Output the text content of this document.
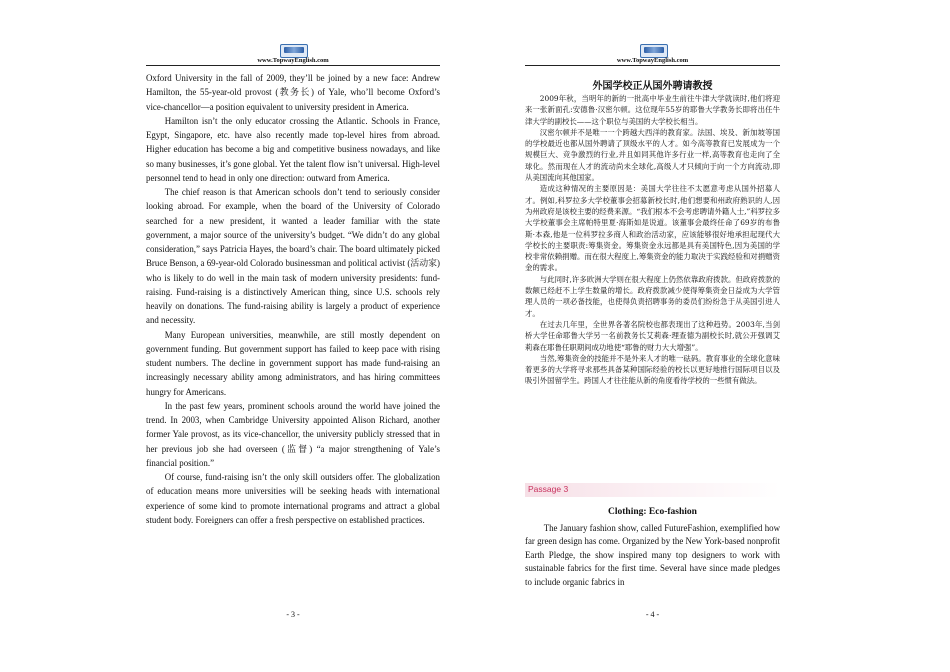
www.TopwayEnglish.com

Oxford University in the fall of 2009, they’ll be joined by a new face: Andrew Hamilton, the 55-year-old provost (教务长) of Yale, who’ll become Oxford’s vice-chancellor—a position equivalent to university president in America.

Hamilton isn’t the only educator crossing the Atlantic. Schools in France, Egypt, Singapore, etc. have also recently made top-level hires from abroad. Higher education has become a big and competitive business nowadays, and like so many businesses, it’s gone global. Yet the talent flow isn’t universal. High-level personnel tend to head in only one direction: outward from America.

The chief reason is that American schools don’t tend to seriously consider looking abroad. For example, when the board of the University of Colorado searched for a new president, it wanted a leader familiar with the state government, a major source of the university’s budget. “We didn’t do any global consideration,” says Patricia Hayes, the board’s chair. The board ultimately picked Bruce Benson, a 69-year-old Colorado businessman and political activist (活动家) who is likely to do well in the main task of modern university presidents: fund-raising. Fund-raising is a distinctively American thing, since U.S. schools rely heavily on donations. The fund-raising ability is largely a product of experience and necessity.

Many European universities, meanwhile, are still mostly dependent on government funding. But government support has failed to keep pace with rising student numbers. The decline in government support has made fund-raising an increasingly necessary ability among administrators, and has hiring committees hungry for Americans.

In the past few years, prominent schools around the world have joined the trend. In 2003, when Cambridge University appointed Alison Richard, another former Yale provost, as its vice-chancellor, the university publicly stressed that in her previous job she had overseen (监督) “a major strengthening of Yale’s financial position.”

Of course, fund-raising isn’t the only skill outsiders offer. The globalization of education means more universities will be seeking heads with international experience of some kind to promote international programs and attract a global student body. Foreigners can offer a fresh perspective on established practices.

- 3 -
www.TopwayEnglish.com
外国学校正从国外聘请教授

2009年秋，当明年的新的一批高中毕业生前往牛津大学就读时,他们将迎来一张新面孔:安德鲁·汉密尔顿。这位现年55岁的耶鲁大学教务长即将出任牛津大学的副校长——这个职位与美国的大学校长相当。

汉密尔顿并不是唯一一个跨越大西洋的教育家。法国、埃及、新加坡等国的学校最近也都从国外聘请了顶级水平的人才。如今高等教育已发展成为一个规模巨大、竞争激烈的行业,并且如同其他许多行业一样,高等教育也走向了全球化。然而现在人才的流动尚未全球化,高级人才只倾向于向一个方向流动,即从美国流向其他国家。

造成这种情况的主要原因是：美国大学往往不太愿意考虑从国外招募人才。例如,科罗拉多大学校董事会招募新校长时,他们想要和州政府熟识的人,因为州政府是该校主要的经费来源。“我们根本不会考虑聘请外籍人士,”科罗拉多大学校董事会主席帕特里夏·海斯如是说道。该董事会最终任命了69岁的布鲁斯·本森,他是一位科罗拉多商人和政治活动家，应该能够很好地承担起现代大学校长的主要职责:筹集资金。筹集资金永远都是具有美国特色,因为美国的学校非常依赖捐赠。而在很大程度上,筹集资金的能力取决于实践经验和对捐赠资金的需求。

与此同时,许多欧洲大学则在很大程度上仍然依靠政府拨款。但政府拨款的数额已经赶不上学生数量的增长。政府拨款减少使得筹集资金日益成为大学管理人员的一项必备技能，也使得负责招聘事务的委员们纷纷急于从美国引进人才。

在过去几年里，全世界各著名院校也都表现出了这种趋势。2003年,当剑桥大学任命耶鲁大学另一名前教务长艾莉森·理查德为副校长时,就公开强调艾莉森在耶鲁任职期间成功地使“耶鲁的财力大大增强”。

当然,筹集资金的技能并不是外来人才的唯一砝码。教育事业的全球化意味着更多的大学将寻求那些具备某种国际经验的校长以更好地推行国际项目以及吸引外国留学生。跨国人才往往能从新的角度看待学校的一些惯有做法。

Passage 3
Clothing: Eco-fashion

The January fashion show, called FutureFashion, exemplified how far green design has come. Organized by the New York-based nonprofit Earth Pledge, the show inspired many top designers to work with sustainable fabrics for the first time. Several have since made pledges to include organic fabrics in

- 4 -
